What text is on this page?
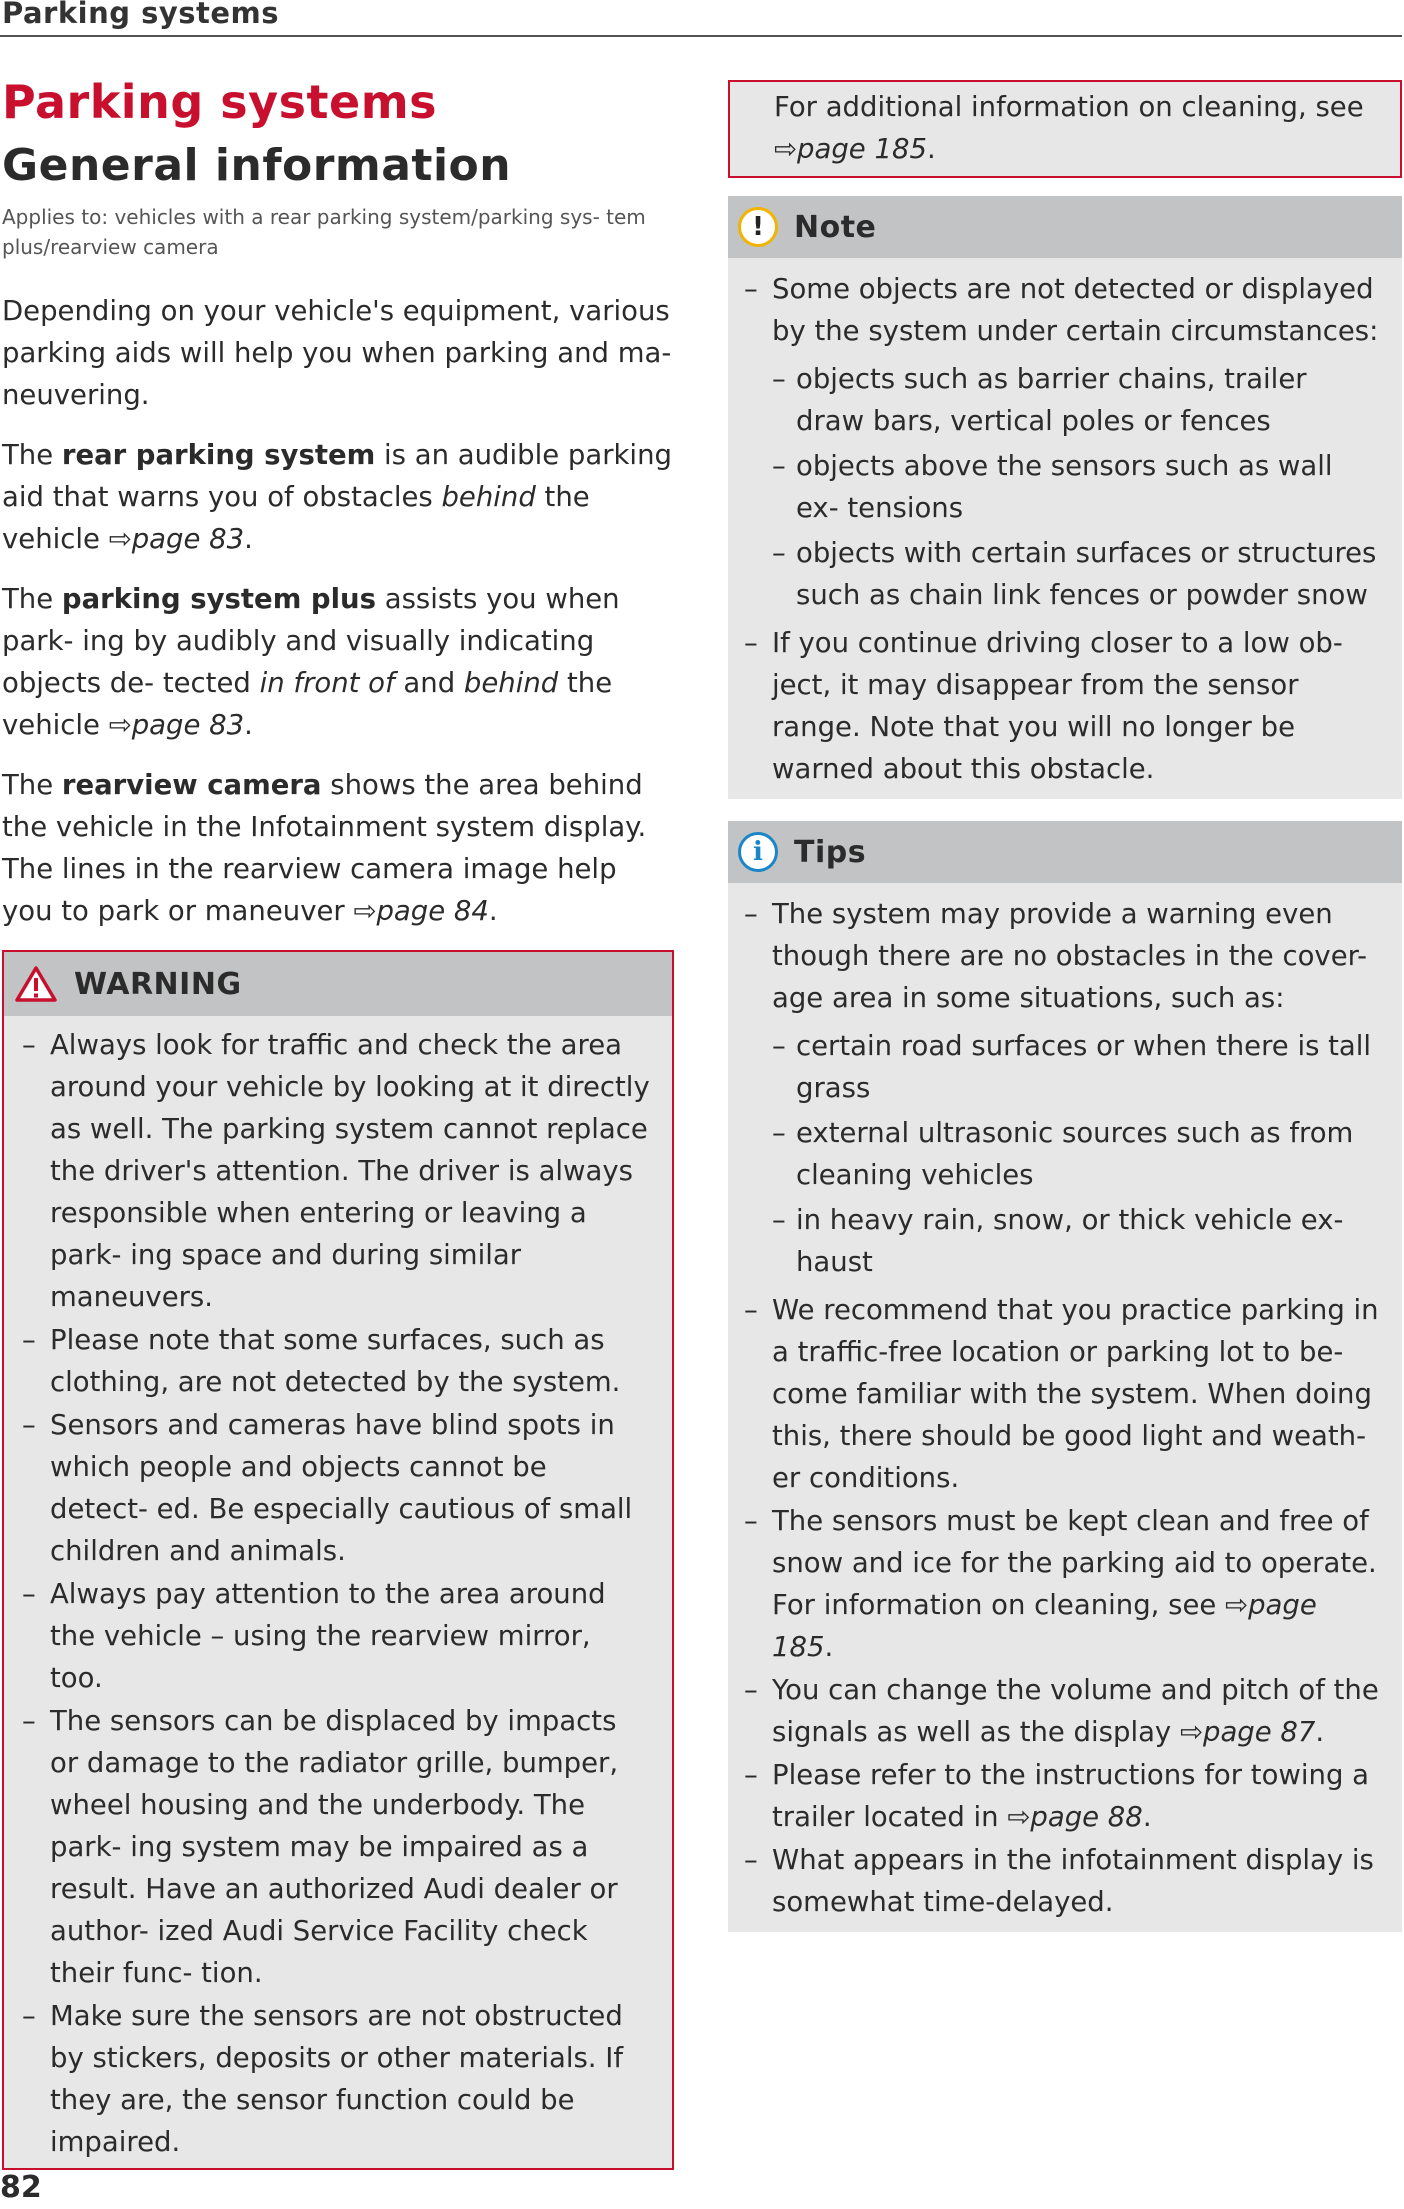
Parking systems
Parking systems
General information
Applies to: vehicles with a rear parking system/parking sys- tem plus/rearview camera

Depending on your vehicle's equipment, various parking aids will help you when parking and ma- neuvering.

The rear parking system is an audible parking aid that warns you of obstacles behind the vehicle ⇨page 83.

The parking system plus assists you when park- ing by audibly and visually indicating objects de- tected in front of and behind the vehicle ⇨page 83.

The rearview camera shows the area behind the vehicle in the Infotainment system display. The lines in the rearview camera image help you to park or maneuver ⇨page 84.

WARNING
– Always look for traffic and check the area around your vehicle by looking at it directly as well. The parking system cannot replace the driver's attention. The driver is always responsible when entering or leaving a park- ing space and during similar maneuvers.
– Please note that some surfaces, such as clothing, are not detected by the system.
– Sensors and cameras have blind spots in which people and objects cannot be detect- ed. Be especially cautious of small children and animals.
– Always pay attention to the area around the vehicle – using the rearview mirror, too.
– The sensors can be displaced by impacts or damage to the radiator grille, bumper, wheel housing and the underbody. The park- ing system may be impaired as a result. Have an authorized Audi dealer or author- ized Audi Service Facility check their func- tion.
– Make sure the sensors are not obstructed by stickers, deposits or other materials. If they are, the sensor function could be impaired.
For additional information on cleaning, see ⇨page 185.
!	Note
– Some objects are not detected or displayed by the system under certain circumstances:
– objects such as barrier chains, trailer draw bars, vertical poles or fences
– objects above the sensors such as wall ex- tensions
– objects with certain surfaces or structures such as chain link fences or powder snow
– If you continue driving closer to a low ob- ject, it may disappear from the sensor range. Note that you will no longer be warned about this obstacle.
i	Tips
– The system may provide a warning even though there are no obstacles in the cover- age area in some situations, such as:
– certain road surfaces or when there is tall grass
– external ultrasonic sources such as from cleaning vehicles
– in heavy rain, snow, or thick vehicle ex- haust
– We recommend that you practice parking in a traffic-free location or parking lot to be- come familiar with the system. When doing this, there should be good light and weath- er conditions.
– The sensors must be kept clean and free of snow and ice for the parking aid to operate. For information on cleaning, see ⇨page 185.
– You can change the volume and pitch of the signals as well as the display ⇨page 87.
– Please refer to the instructions for towing a trailer located in ⇨page 88.
– What appears in the infotainment display is somewhat time-delayed.
82
